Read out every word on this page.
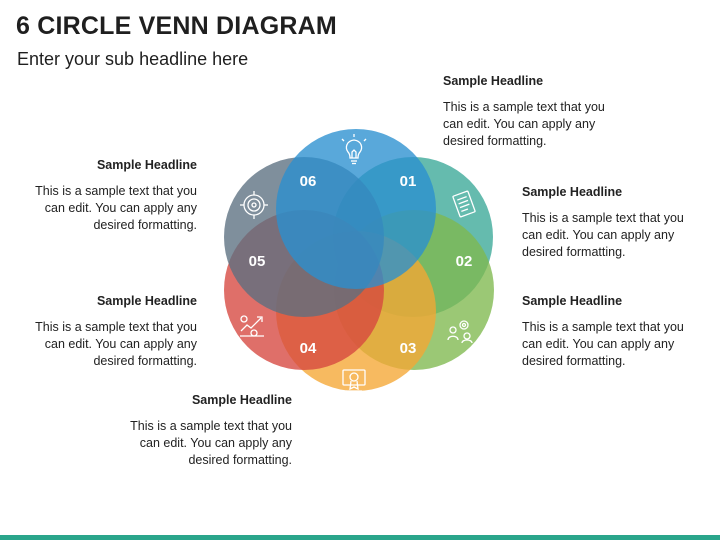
6 CIRCLE VENN DIAGRAM
Enter your sub headline here
01
02
03
04
05
06
Sample Headline
This is a sample text that you can edit. You can apply any desired formatting.
Sample Headline
This is a sample text that you can edit. You can apply any desired formatting.
Sample Headline
This is a sample text that you can edit. You can apply any desired formatting.
Sample Headline
This is a sample text that you can edit. You can apply any desired formatting.
Sample Headline
This is a sample text that you can edit. You can apply any desired formatting.
Sample Headline
This is a sample text that you can edit. You can apply any desired formatting.
